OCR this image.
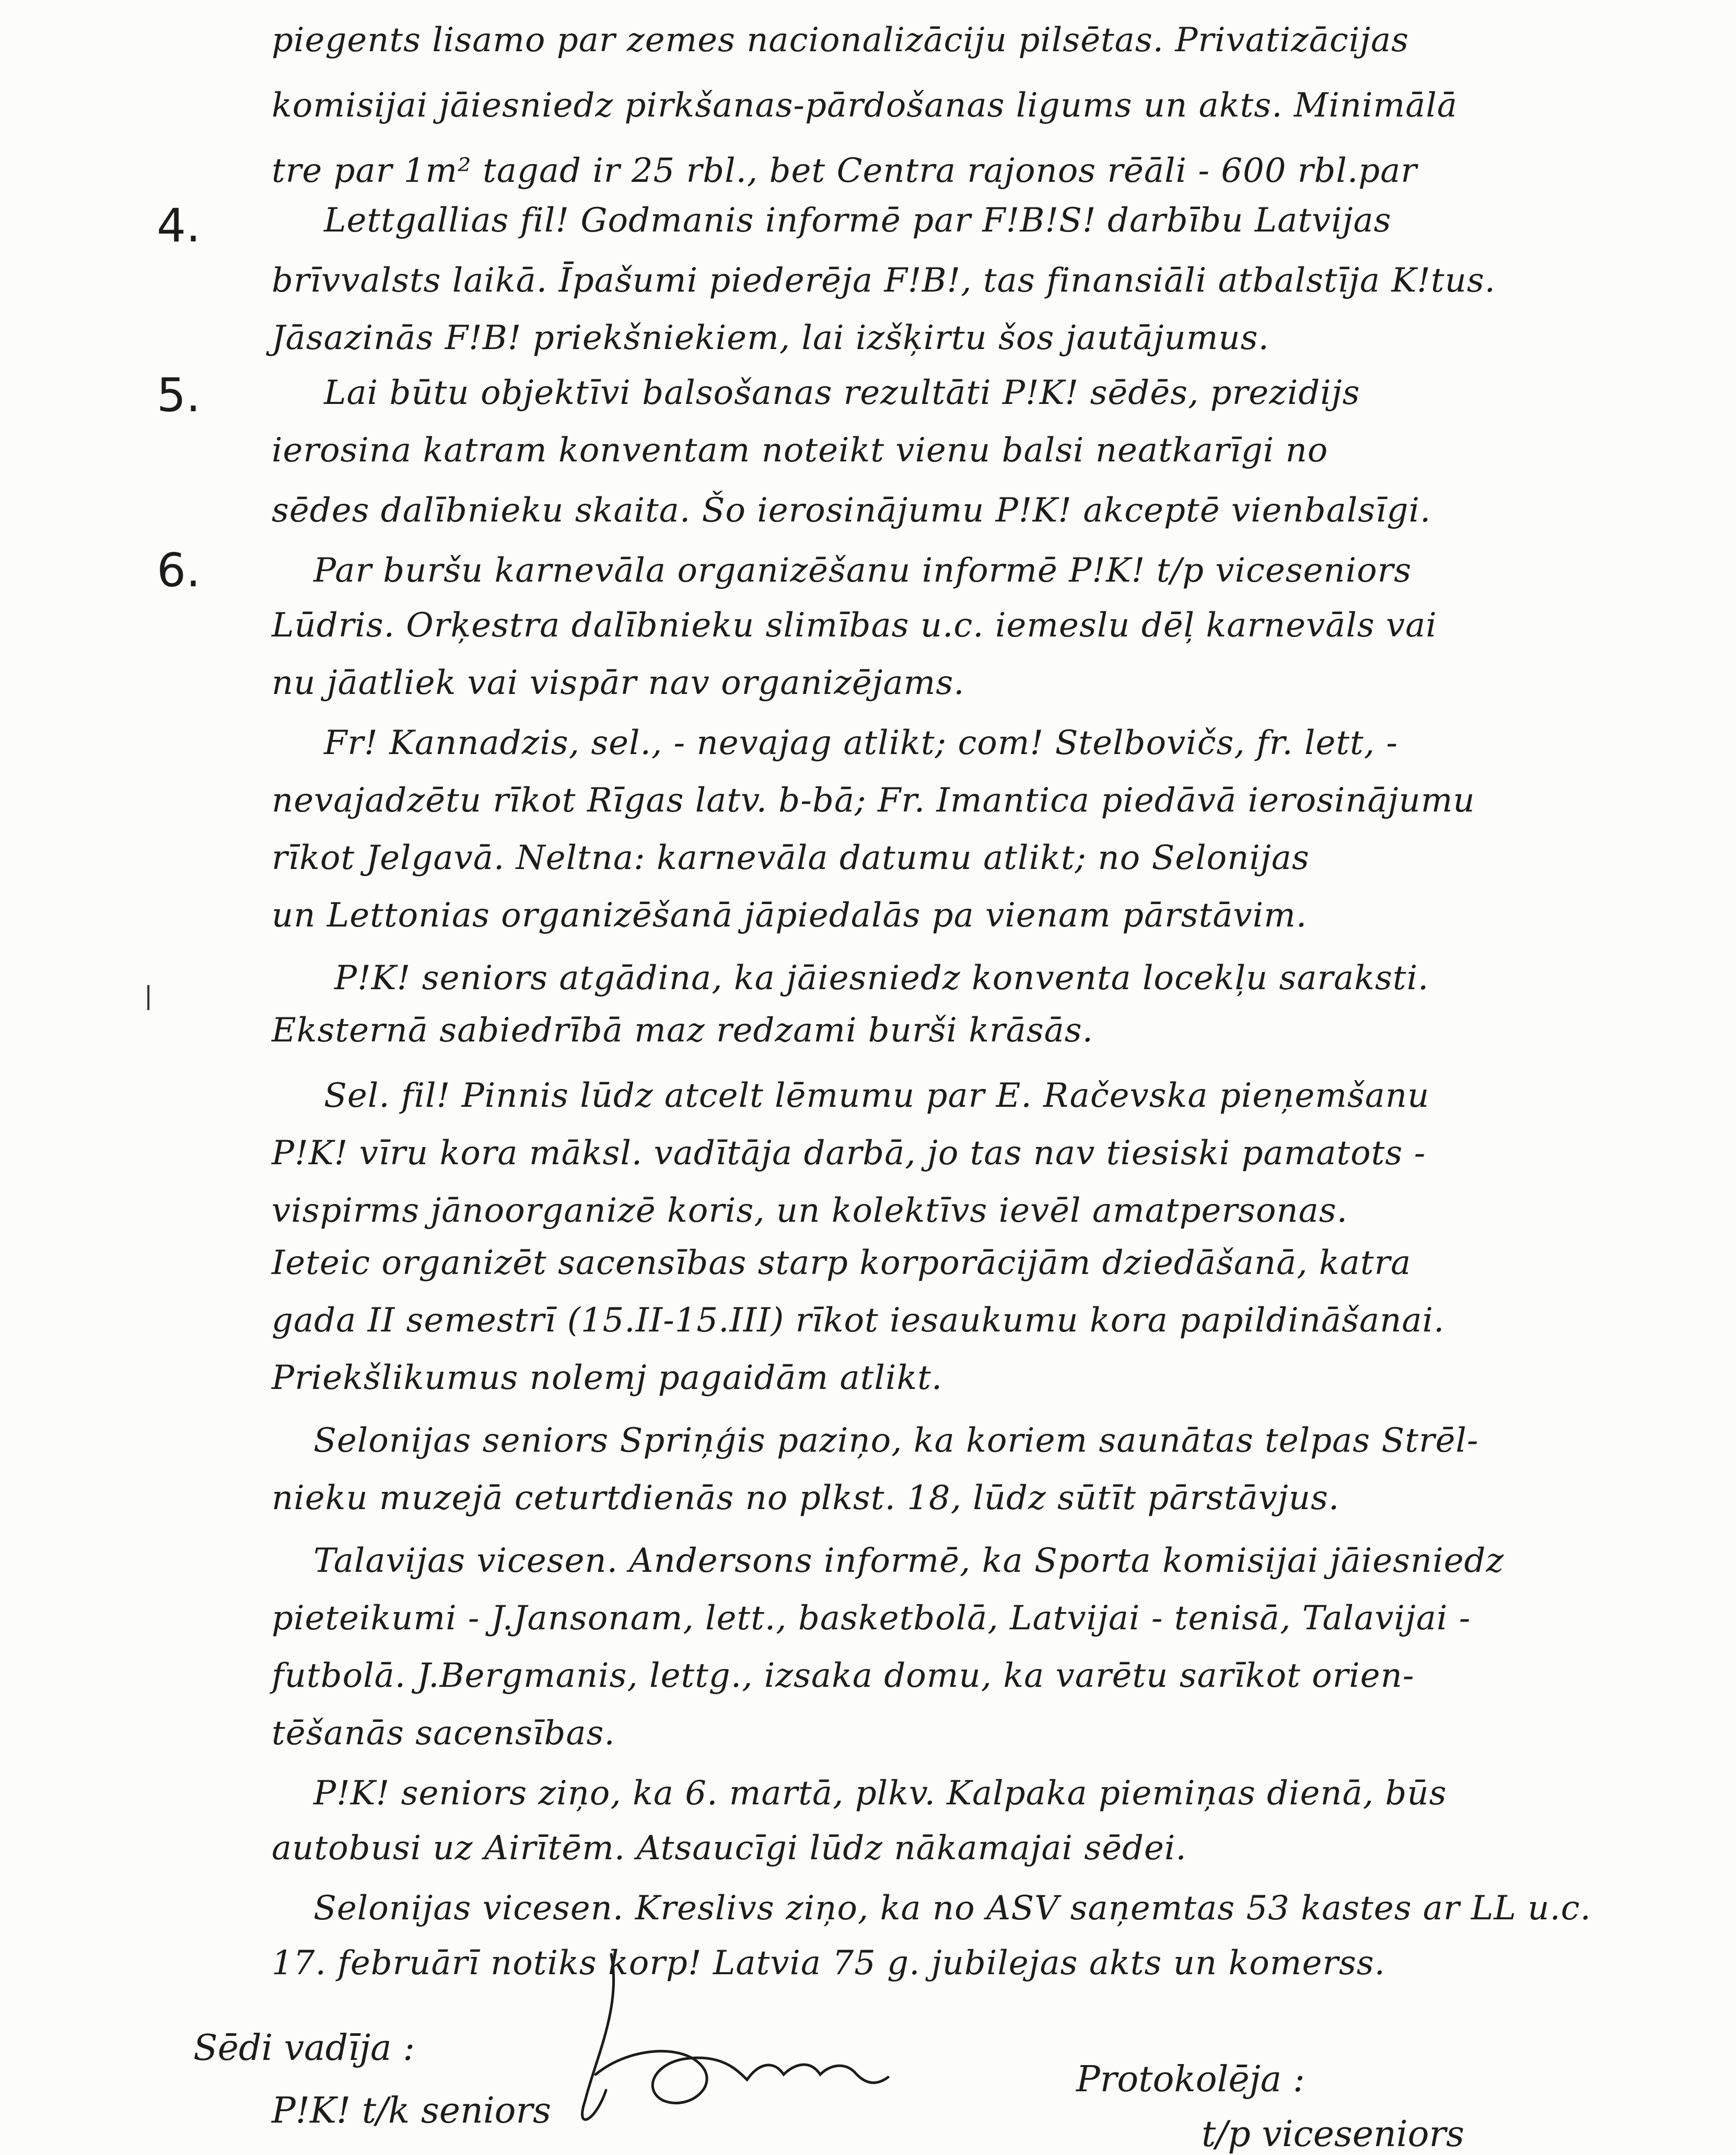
piegents lisamo par zemes nacionalizāciju pilsētas. Privatizācijas
komisijai jāiesniedz pirkšanas-pārdošanas ligums un akts. Minimālā
tre par 1m² tagad ir 25 rbl., bet Centra rajonos rēāli - 600 rbl.par
4.	Lettgallias fil! Godmanis informē par F!B!S! darbību Latvijas
brīvvalsts laikā. Īpašumi piederēja F!B!, tas finansiāli atbalstīja K!tus.
Jāsazinās F!B! priekšniekiem, lai izšķirtu šos jautājumus.
5.	Lai būtu objektīvi balsošanas rezultāti P!K! sēdēs, prezidijs
ierosina katram konventam noteikt vienu balsi neatkarīgi no
sēdes dalībnieku skaita. Šo ierosinājumu P!K! akceptē vienbalsīgi.
6.	Par buršu karnevāla organizēšanu informē P!K! t/p viceseniors
Lūdris. Orķestra dalībnieku slimības u.c. iemeslu dēļ karnevāls vai
nu jāatliek vai vispār nav organizējams.
Fr! Kannadzis, sel., - nevajag atlikt; com! Stelbovičs, fr. lett, -
nevajadzētu rīkot Rīgas latv. b-bā; Fr. Imantica piedāvā ierosinājumu
rīkot Jelgavā. Neltna: karnevāla datumu atlikt; no Selonijas
un Lettonias organizēšanā jāpiedalās pa vienam pārstāvim.
P!K! seniors atgādina, ka jāiesniedz konventa locekļu saraksti.
Eksternā sabiedrībā maz redzami burši krāsās.
Sel. fil! Pinnis lūdz atcelt lēmumu par E. Račevska pieņemšanu
P!K! vīru kora māksl. vadītāja darbā, jo tas nav tiesiski pamatots -
vispirms jānoorganizē koris, un kolektīvs ievēl amatpersonas.
Ieteic organizēt sacensības starp korporācijām dziedāšanā, katra
gada II semestrī (15.II-15.III) rīkot iesaukumu kora papildināšanai.
Priekšlikumus nolemj pagaidām atlikt.
Selonijas seniors Spriņģis paziņo, ka koriem saunātas telpas Strēl-
nieku muzejā ceturtdienās no plkst. 18, lūdz sūtīt pārstāvjus.
Talavijas vicesen. Andersons informē, ka Sporta komisijai jāiesniedz
pieteikumi - J.Jansonam, lett., basketbolā, Latvijai - tenisā, Talavijai -
futbolā. J.Bergmanis, lettg., izsaka domu, ka varētu sarīkot orien-
tēšanās sacensības.
P!K! seniors ziņo, ka 6. martā, plkv. Kalpaka piemiņas dienā, būs
autobusi uz Airītēm. Atsaucīgi lūdz nākamajai sēdei.
Selonijas vicesen. Kreslivs ziņo, ka no ASV saņemtas 53 kastes ar LL u.c.
17. februārī notiks korp! Latvia 75 g. jubilejas akts un komerss.
Sēdi vadīja :
P!K! t/k seniors
Protokolēja :
t/p viceseniors
